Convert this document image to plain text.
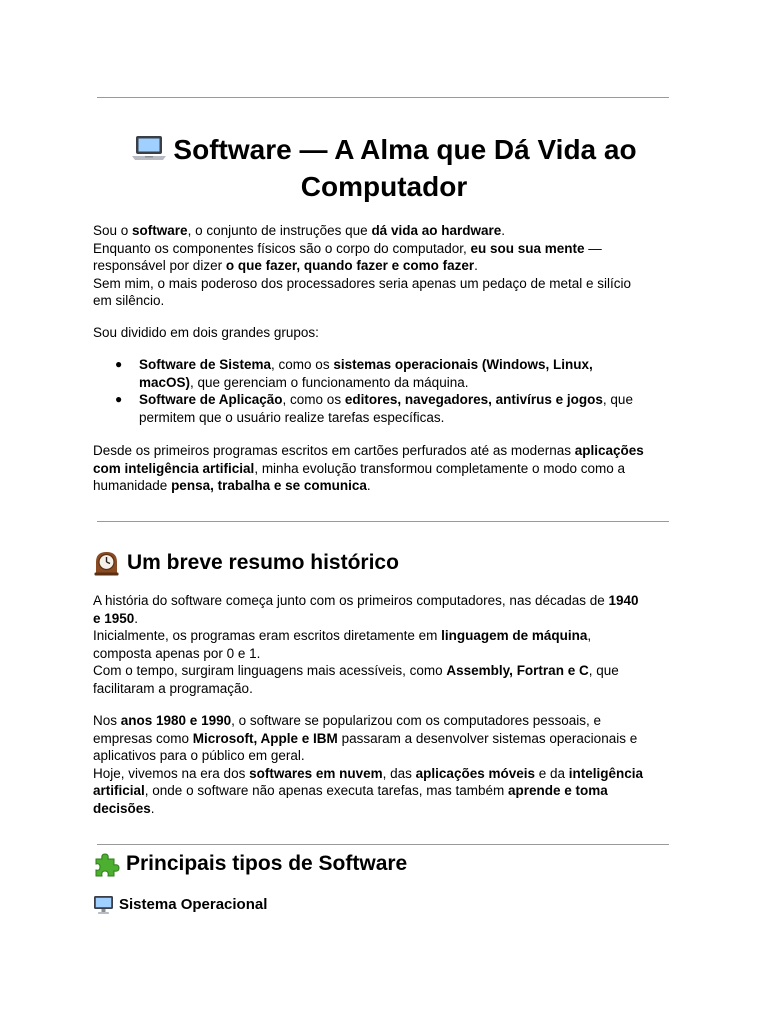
Software — A Alma que Dá Vida ao
Computador

Sou o software, o conjunto de instruções que dá vida ao hardware.
Enquanto os componentes físicos são o corpo do computador, eu sou sua mente —
responsável por dizer o que fazer, quando fazer e como fazer.
Sem mim, o mais poderoso dos processadores seria apenas um pedaço de metal e silício
em silêncio.

Sou dividido em dois grandes grupos:

● Software de Sistema, como os sistemas operacionais (Windows, Linux,
macOS), que gerenciam o funcionamento da máquina.
● Software de Aplicação, como os editores, navegadores, antivírus e jogos, que
permitem que o usuário realize tarefas específicas.

Desde os primeiros programas escritos em cartões perfurados até as modernas aplicações
com inteligência artificial, minha evolução transformou completamente o modo como a
humanidade pensa, trabalha e se comunica.

Um breve resumo histórico

A história do software começa junto com os primeiros computadores, nas décadas de 1940
e 1950.
Inicialmente, os programas eram escritos diretamente em linguagem de máquina,
composta apenas por 0 e 1.
Com o tempo, surgiram linguagens mais acessíveis, como Assembly, Fortran e C, que
facilitaram a programação.

Nos anos 1980 e 1990, o software se popularizou com os computadores pessoais, e
empresas como Microsoft, Apple e IBM passaram a desenvolver sistemas operacionais e
aplicativos para o público em geral.
Hoje, vivemos na era dos softwares em nuvem, das aplicações móveis e da inteligência
artificial, onde o software não apenas executa tarefas, mas também aprende e toma
decisões.

Principais tipos de Software
Sistema Operacional
